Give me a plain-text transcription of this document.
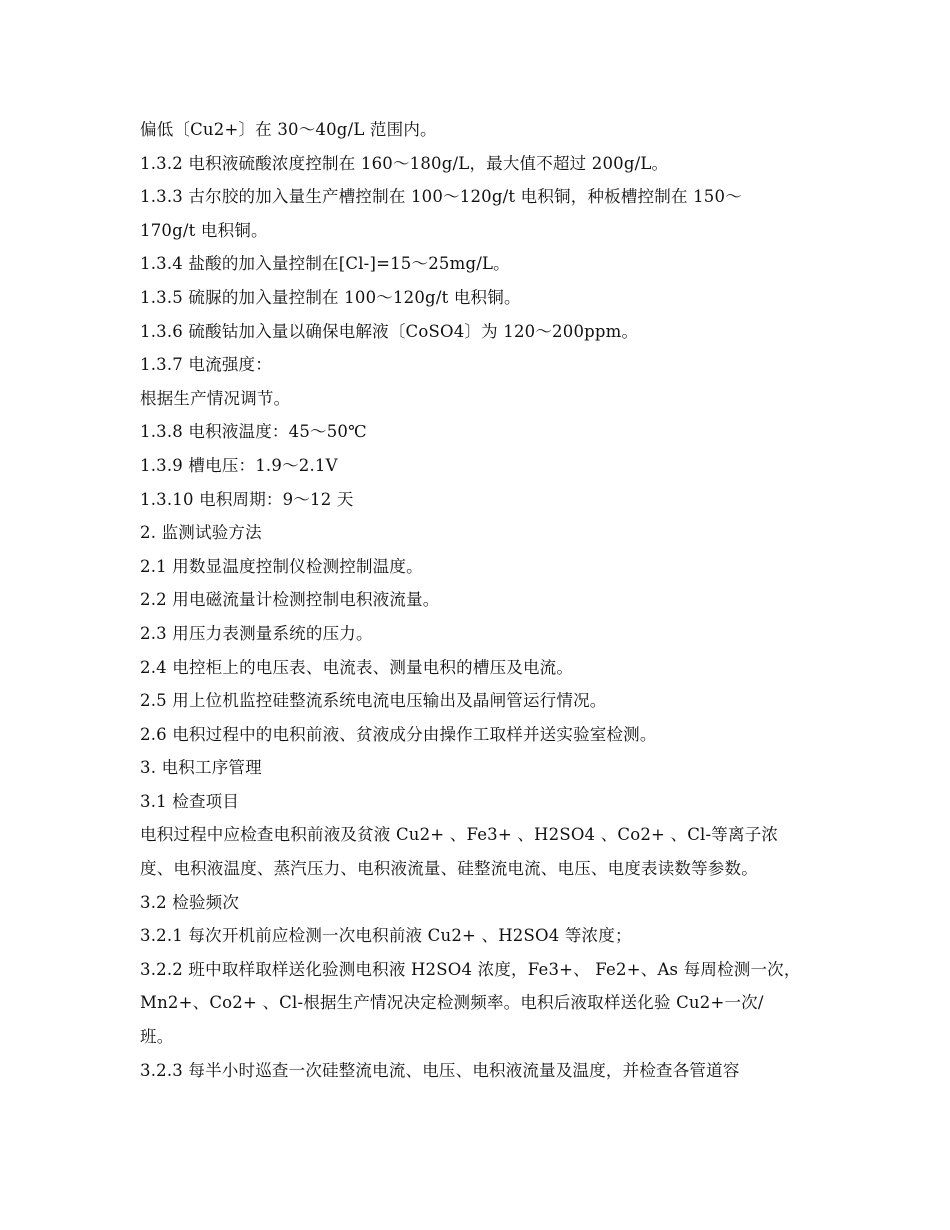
偏低〔Cu2+〕在 30～40g/L 范围内。
1.3.2 电积液硫酸浓度控制在 160～180g/L，最大值不超过 200g/L。
1.3.3 古尔胶的加入量生产槽控制在 100～120g/t 电积铜，种板槽控制在 150～
170g/t 电积铜。
1.3.4 盐酸的加入量控制在[Cl-]=15～25mg/L。
1.3.5 硫脲的加入量控制在 100～120g/t 电积铜。
1.3.6 硫酸钴加入量以确保电解液〔CoSO4〕为 120～200ppm。
1.3.7 电流强度：
根据生产情况调节。
1.3.8 电积液温度：45～50℃
1.3.9 槽电压：1.9～2.1V
1.3.10 电积周期：9～12 天
2. 监测试验方法
2.1 用数显温度控制仪检测控制温度。
2.2 用电磁流量计检测控制电积液流量。
2.3 用压力表测量系统的压力。
2.4 电控柜上的电压表、电流表、测量电积的槽压及电流。
2.5 用上位机监控硅整流系统电流电压输出及晶闸管运行情况。
2.6 电积过程中的电积前液、贫液成分由操作工取样并送实验室检测。
3. 电积工序管理
3.1 检查项目
电积过程中应检查电积前液及贫液 Cu2+ 、Fe3+ 、H2SO4 、Co2+ 、Cl-等离子浓
度、电积液温度、蒸汽压力、电积液流量、硅整流电流、电压、电度表读数等参数。
3.2 检验频次
3.2.1 每次开机前应检测一次电积前液 Cu2+ 、H2SO4 等浓度；
3.2.2 班中取样取样送化验测电积液 H2SO4 浓度，Fe3+、 Fe2+、As 每周检测一次，
Mn2+、Co2+ 、Cl-根据生产情况决定检测频率。电积后液取样送化验 Cu2+一次/
班。
3.2.3 每半小时巡查一次硅整流电流、电压、电积液流量及温度，并检查各管道容
